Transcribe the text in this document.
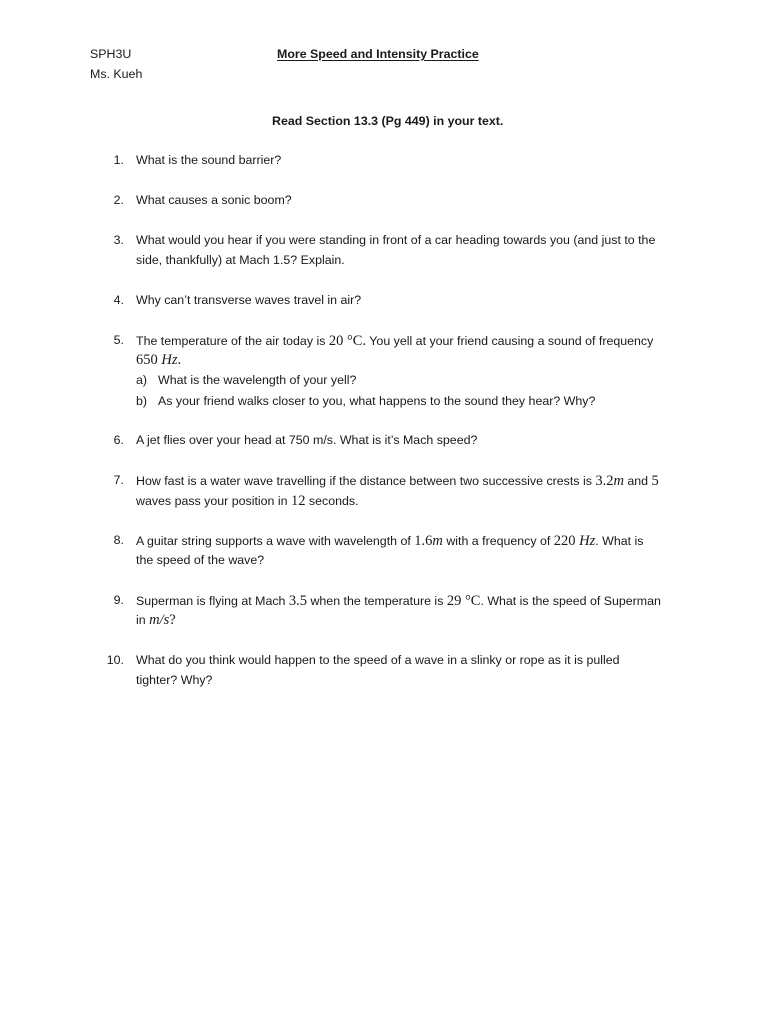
SPH3U
Ms. Kueh
More Speed and Intensity Practice
Read Section 13.3 (Pg 449) in your text.
1. What is the sound barrier?
2. What causes a sonic boom?
3. What would you hear if you were standing in front of a car heading towards you (and just to the
side, thankfully) at Mach 1.5? Explain.
4. Why can’t transverse waves travel in air?
5. The temperature of the air today is 20 °C. You yell at your friend causing a sound of frequency
650 Hz.
a) What is the wavelength of your yell?
b) As your friend walks closer to you, what happens to the sound they hear? Why?
6. A jet flies over your head at 750 m/s. What is it’s Mach speed?
7. How fast is a water wave travelling if the distance between two successive crests is 3.2m and 5
waves pass your position in 12 seconds.
8. A guitar string supports a wave with wavelength of 1.6m with a frequency of 220 Hz. What is
the speed of the wave?
9. Superman is flying at Mach 3.5 when the temperature is 29 °C. What is the speed of Superman
in m/s?
10. What do you think would happen to the speed of a wave in a slinky or rope as it is pulled
tighter? Why?
